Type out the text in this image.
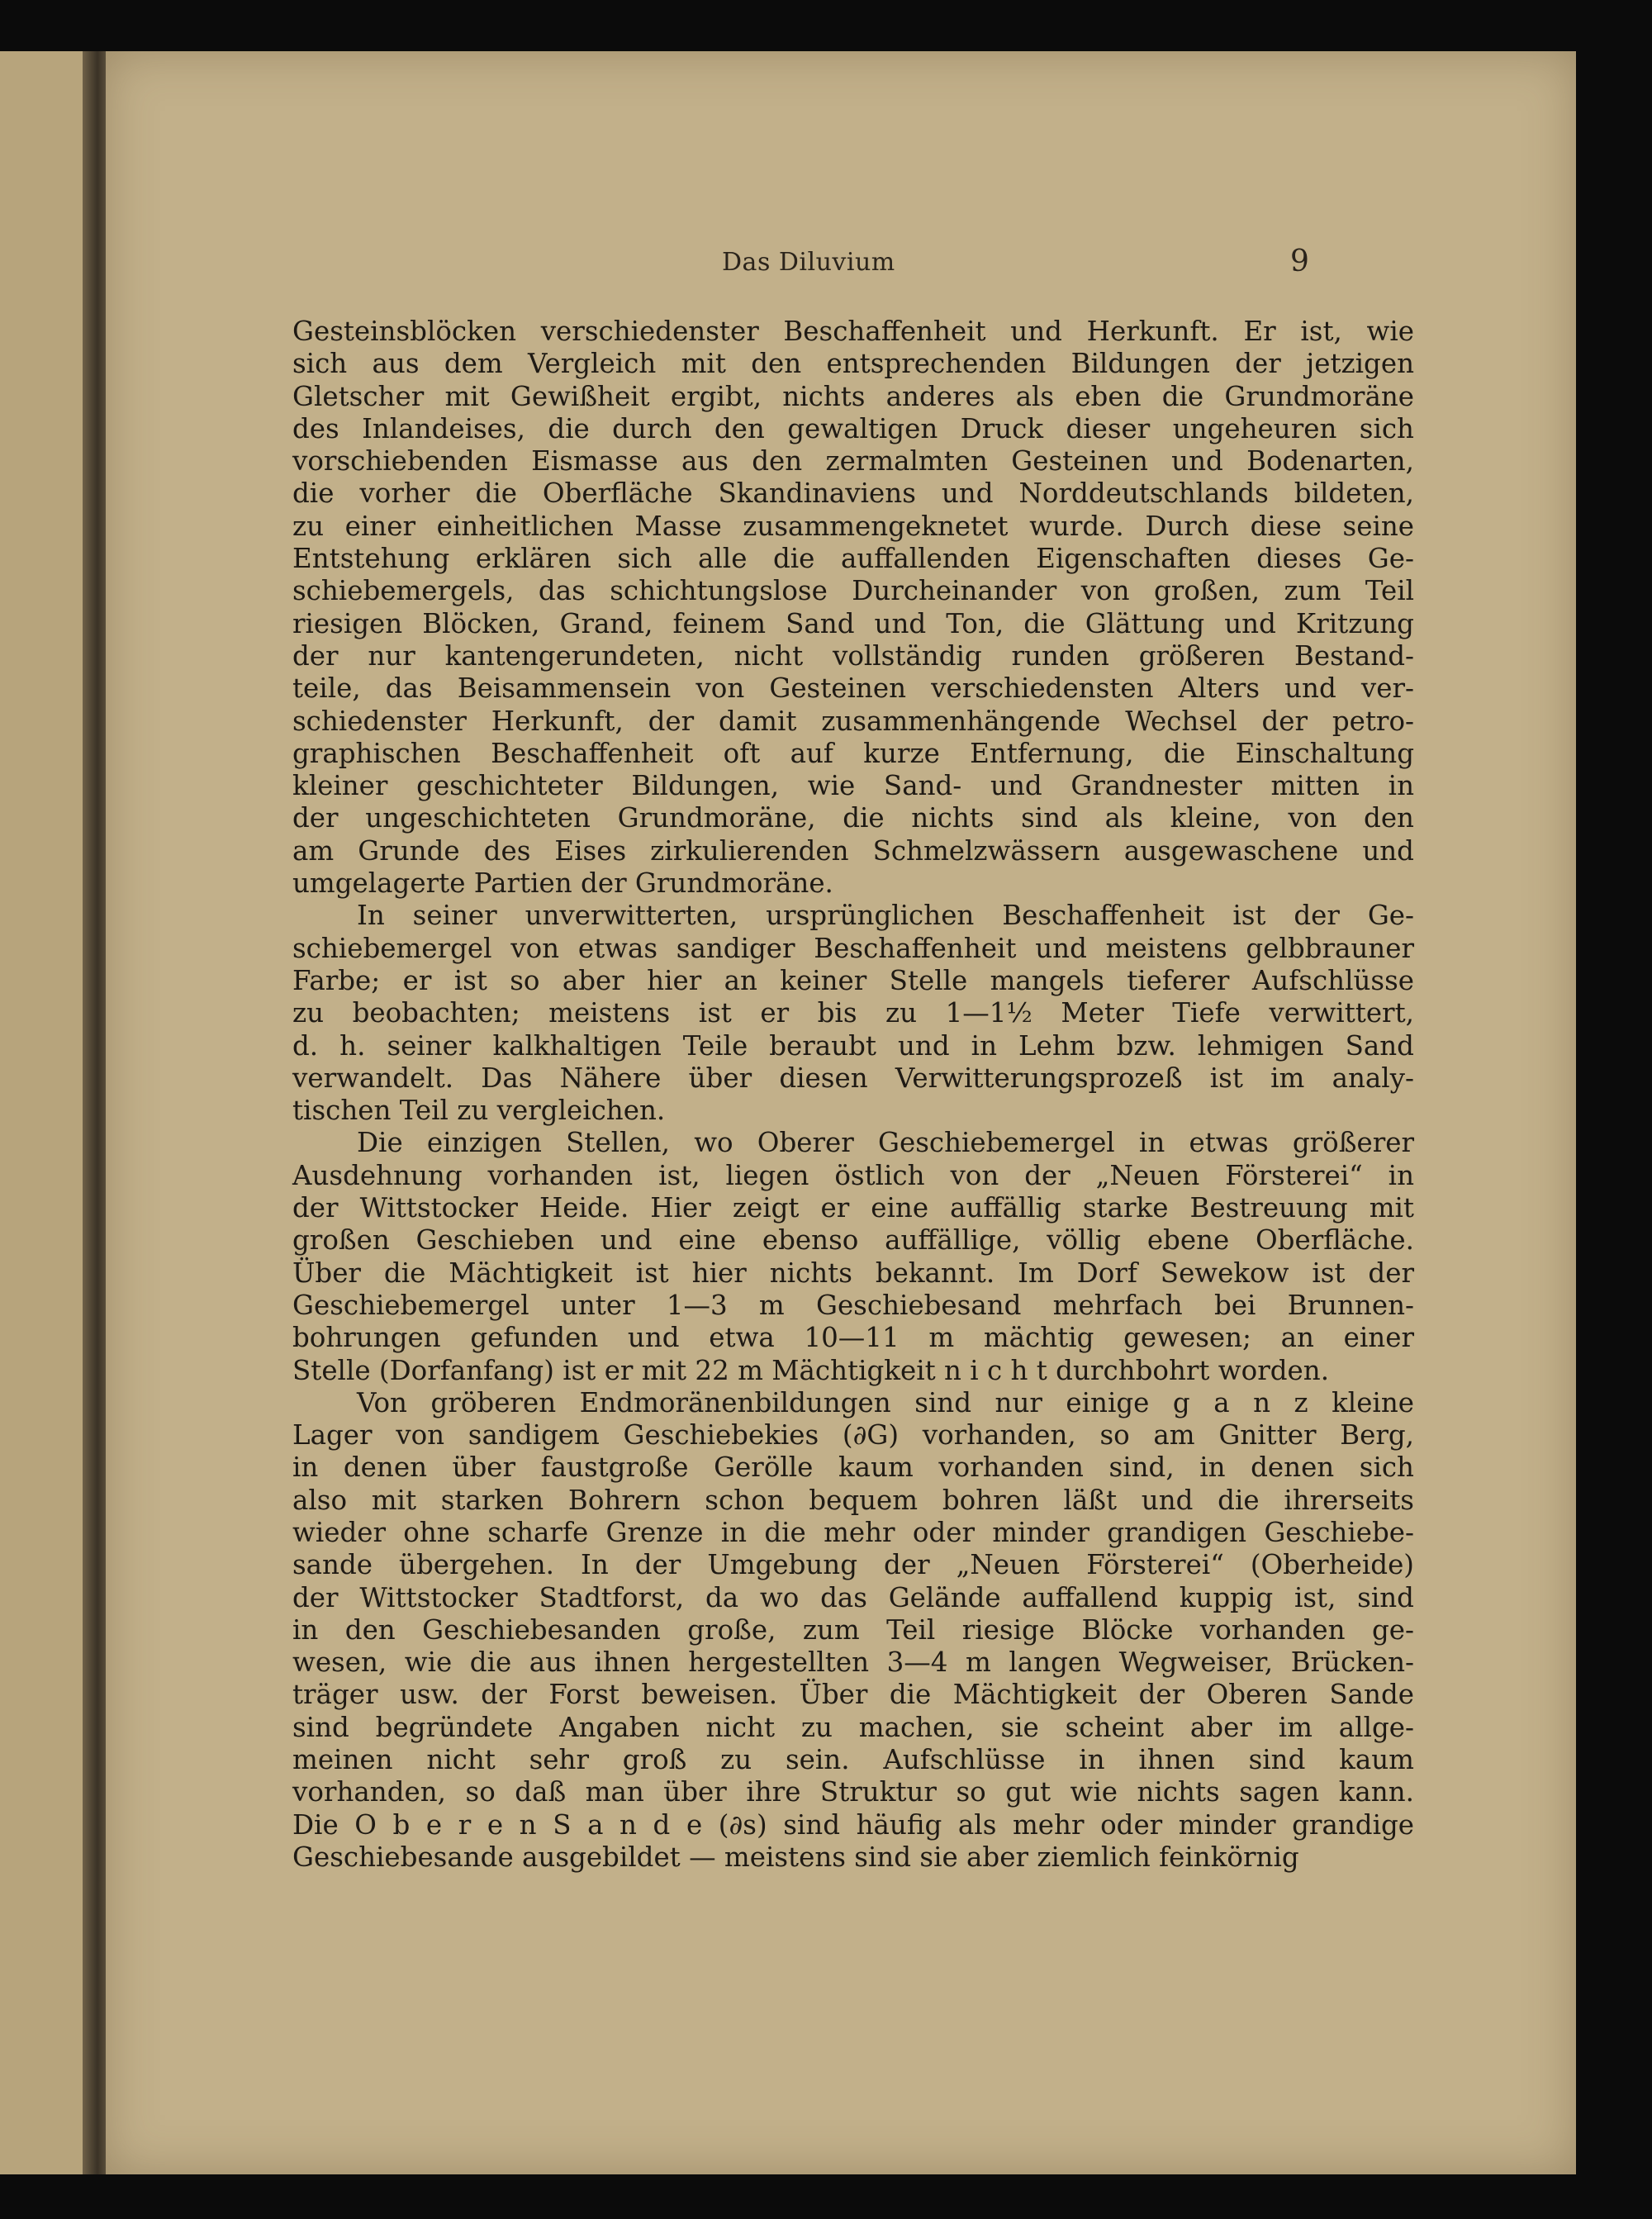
Das Diluvium	9
Gesteinsblöcken verschiedenster Beschaffenheit und Herkunft. Er ist, wie
sich aus dem Vergleich mit den entsprechenden Bildungen der jetzigen
Gletscher mit Gewißheit ergibt, nichts anderes als eben die Grundmoräne
des Inlandeises, die durch den gewaltigen Druck dieser ungeheuren sich
vorschiebenden Eismasse aus den zermalmten Gesteinen und Bodenarten,
die vorher die Oberfläche Skandinaviens und Norddeutschlands bildeten,
zu einer einheitlichen Masse zusammengeknetet wurde. Durch diese seine
Entstehung erklären sich alle die auffallenden Eigenschaften dieses Ge-
schiebemergels, das schichtungslose Durcheinander von großen, zum Teil
riesigen Blöcken, Grand, feinem Sand und Ton, die Glättung und Kritzung
der nur kantengerundeten, nicht vollständig runden größeren Bestand-
teile, das Beisammensein von Gesteinen verschiedensten Alters und ver-
schiedenster Herkunft, der damit zusammenhängende Wechsel der petro-
graphischen Beschaffenheit oft auf kurze Entfernung, die Einschaltung
kleiner geschichteter Bildungen, wie Sand- und Grandnester mitten in
der ungeschichteten Grundmoräne, die nichts sind als kleine, von den
am Grunde des Eises zirkulierenden Schmelzwässern ausgewaschene und
umgelagerte Partien der Grundmoräne.
In seiner unverwitterten, ursprünglichen Beschaffenheit ist der Ge-
schiebemergel von etwas sandiger Beschaffenheit und meistens gelbbrauner
Farbe; er ist so aber hier an keiner Stelle mangels tieferer Aufschlüsse
zu beobachten; meistens ist er bis zu 1—1½ Meter Tiefe verwittert,
d. h. seiner kalkhaltigen Teile beraubt und in Lehm bzw. lehmigen Sand
verwandelt. Das Nähere über diesen Verwitterungsprozeß ist im analy-
tischen Teil zu vergleichen.
Die einzigen Stellen, wo Oberer Geschiebemergel in etwas größerer
Ausdehnung vorhanden ist, liegen östlich von der „Neuen Försterei“ in
der Wittstocker Heide. Hier zeigt er eine auffällig starke Bestreuung mit
großen Geschieben und eine ebenso auffällige, völlig ebene Oberfläche.
Über die Mächtigkeit ist hier nichts bekannt. Im Dorf Sewekow ist der
Geschiebemergel unter 1—3 m Geschiebesand mehrfach bei Brunnen-
bohrungen gefunden und etwa 10—11 m mächtig gewesen; an einer
Stelle (Dorfanfang) ist er mit 22 m Mächtigkeit n i c h t durchbohrt worden.
Von gröberen Endmoränenbildungen sind nur einige g a n z kleine
Lager von sandigem Geschiebekies (∂G) vorhanden, so am Gnitter Berg,
in denen über faustgroße Gerölle kaum vorhanden sind, in denen sich
also mit starken Bohrern schon bequem bohren läßt und die ihrerseits
wieder ohne scharfe Grenze in die mehr oder minder grandigen Geschiebe-
sande übergehen. In der Umgebung der „Neuen Försterei“ (Oberheide)
der Wittstocker Stadtforst, da wo das Gelände auffallend kuppig ist, sind
in den Geschiebesanden große, zum Teil riesige Blöcke vorhanden ge-
wesen, wie die aus ihnen hergestellten 3—4 m langen Wegweiser, Brücken-
träger usw. der Forst beweisen. Über die Mächtigkeit der Oberen Sande
sind begründete Angaben nicht zu machen, sie scheint aber im allge-
meinen nicht sehr groß zu sein. Aufschlüsse in ihnen sind kaum
vorhanden, so daß man über ihre Struktur so gut wie nichts sagen kann.
Die O b e r e n S a n d e (∂s) sind häufig als mehr oder minder grandige
Geschiebesande ausgebildet — meistens sind sie aber ziemlich feinkörnig
